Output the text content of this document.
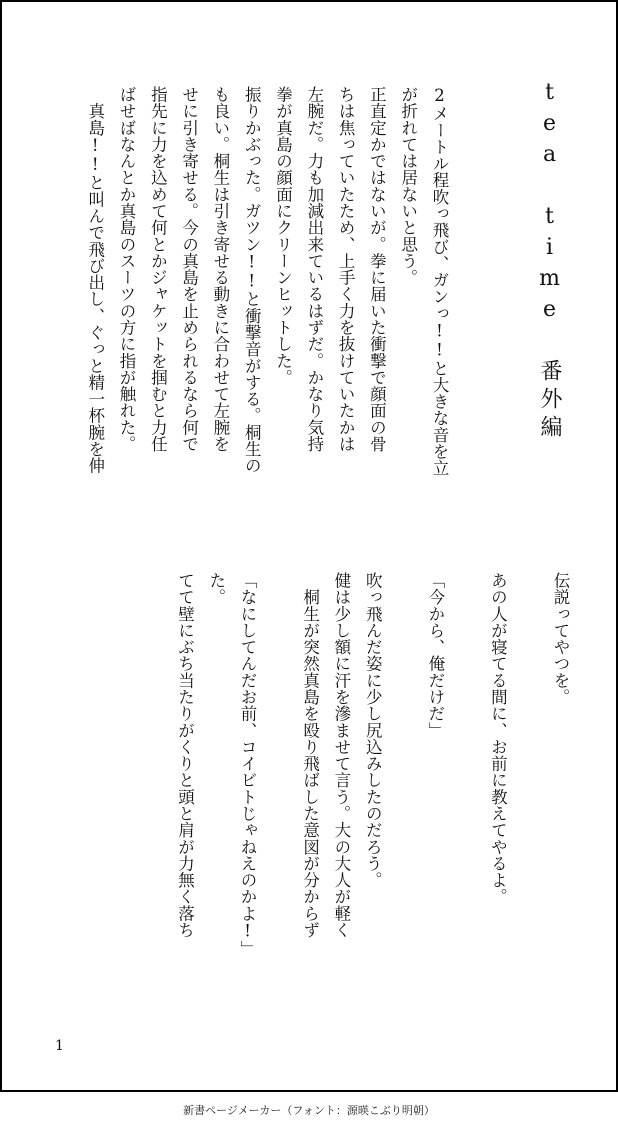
tea time 番外編
2メートル程吹っ飛び、ガンっ!!と大きな音を立
が折れては居ないと思う。
正直定かではないが。拳に届いた衝撃で顔面の骨
ちは焦っていたため、上手く力を抜けていたかは
左腕だ。力も加減出来ているはずだ。かなり気持
拳が真島の顔面にクリーンヒットした。
振りかぶった。ガツン!!と衝撃音がする。桐生の
も良い。桐生は引き寄せる動きに合わせて左腕を
せに引き寄せる。今の真島を止められるなら何で
指先に力を込めて何とかジャケットを掴むと力任
ばせばなんとか真島のスーツの方に指が触れた。
　真島!!と叫んで飛び出し、ぐっと精一杯腕を伸
伝説ってやつを。

あの人が寝てる間に、お前に教えてやるよ。

「今から、俺だけだ」

吹っ飛んだ姿に少し尻込みしたのだろう。
健は少し額に汗を滲ませて言う。大の大人が軽く
　桐生が突然真島を殴り飛ばした意図が分からず

「なにしてんだお前、コイビトじゃねえのかよ!」
た。
てて壁にぶち当たりがくりと頭と肩が力無く落ち
1
新書ページメーカー（フォント：源暎こぶり明朝）
